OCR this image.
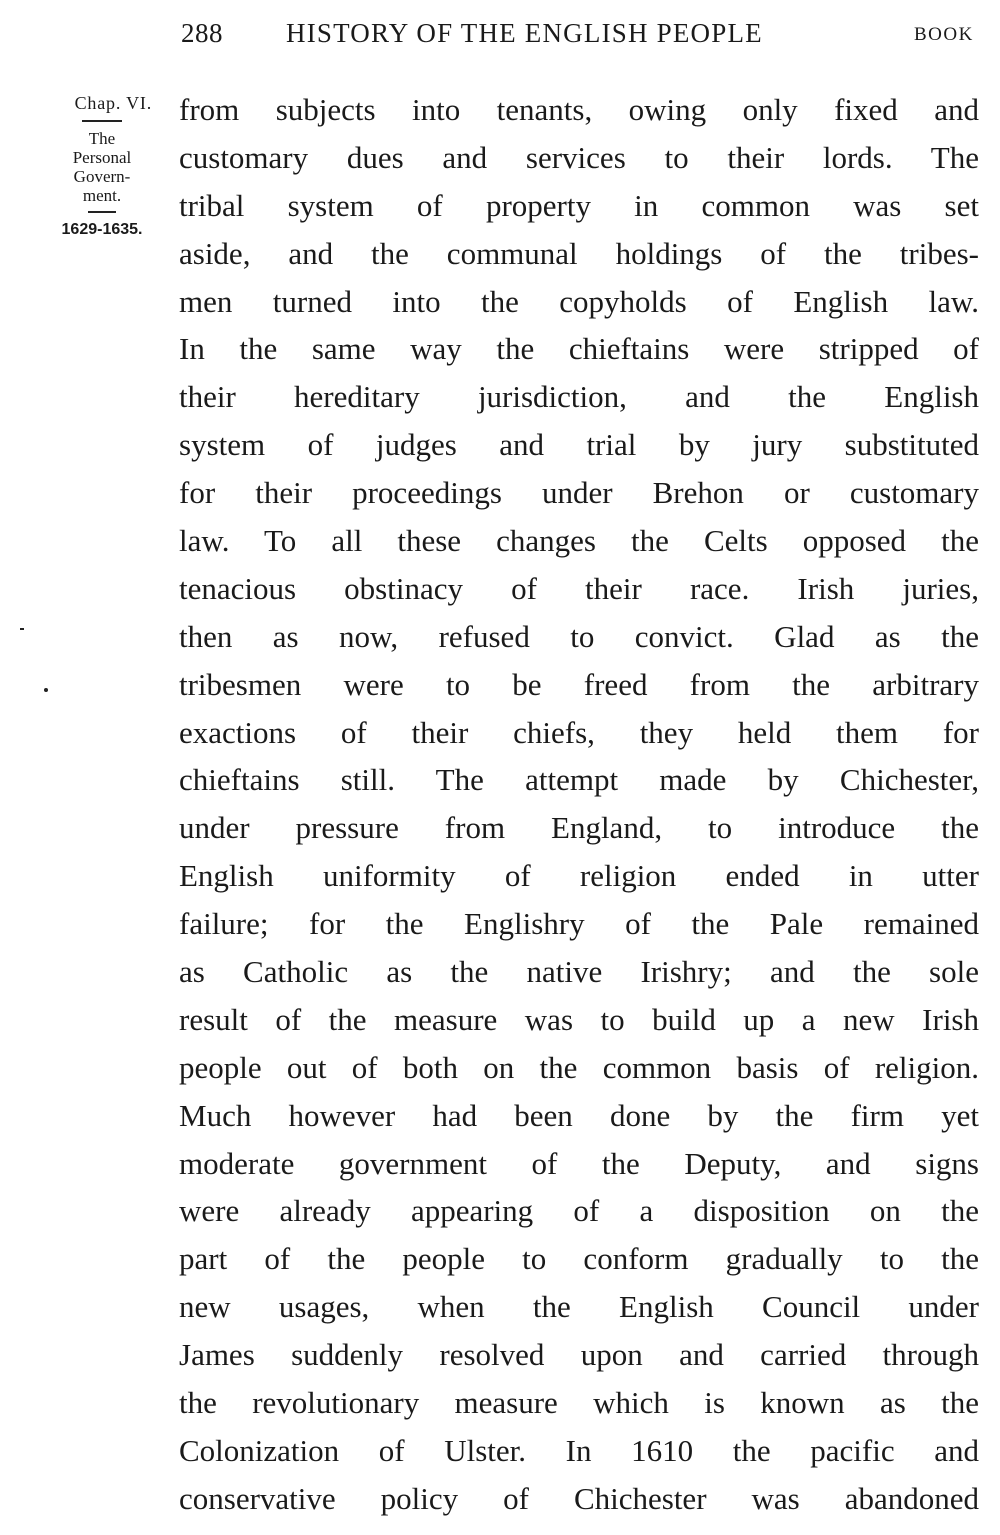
288 HISTORY OF THE ENGLISH PEOPLE	BOOK
Chap. VI.
The
Personal
Govern-
ment.
1629-1635.
from subjects into tenants, owing only fixed and
customary dues and services to their lords. The
tribal system of property in common was set
aside, and the communal holdings of the tribes-
men turned into the copyholds of English law.
In the same way the chieftains were stripped of
their hereditary jurisdiction, and the English
system of judges and trial by jury substituted
for their proceedings under Brehon or customary
law. To all these changes the Celts opposed the
tenacious obstinacy of their race. Irish juries,
then as now, refused to convict. Glad as the
tribesmen were to be freed from the arbitrary
exactions of their chiefs, they held them for
chieftains still. The attempt made by Chichester,
under pressure from England, to introduce the
English uniformity of religion ended in utter
failure; for the Englishry of the Pale remained
as Catholic as the native Irishry; and the sole
result of the measure was to build up a new Irish
people out of both on the common basis of religion.
Much however had been done by the firm yet
moderate government of the Deputy, and signs
were already appearing of a disposition on the
part of the people to conform gradually to the
new usages, when the English Council under
James suddenly resolved upon and carried through
the revolutionary measure which is known as the
Colonization of Ulster. In 1610 the pacific and
conservative policy of Chichester was abandoned
